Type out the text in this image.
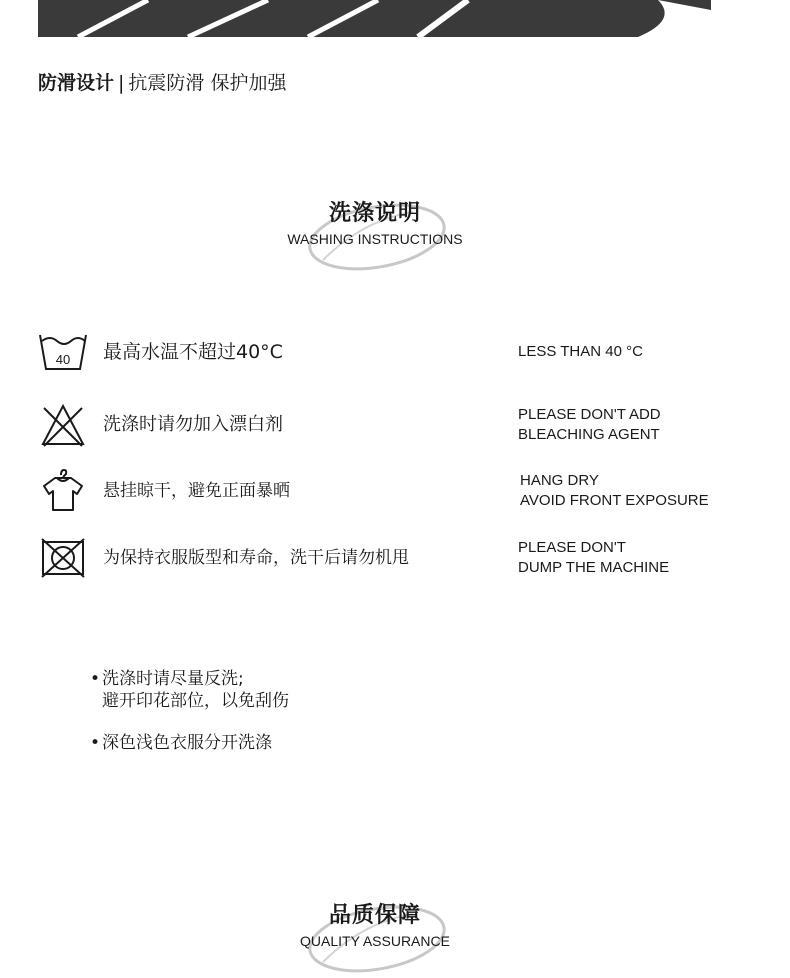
防滑设计 | 抗震防滑 保护加强
洗涤说明
WASHING INSTRUCTIONS
40 最高水温不超过40°C	LESS THAN 40 °C
洗涤时请勿加入漂白剂	PLEASE DON'T ADD
BLEACHING AGENT
悬挂晾干，避免正面暴晒
HANG DRY
AVOID FRONT EXPOSURE
为保持衣服版型和寿命，洗干后请勿机甩
PLEASE DON'T
DUMP THE MACHINE
• 洗涤时请尽量反洗;
避开印花部位，以免刮伤
• 深色浅色衣服分开洗涤
品质保障
QUALITY ASSURANCE
